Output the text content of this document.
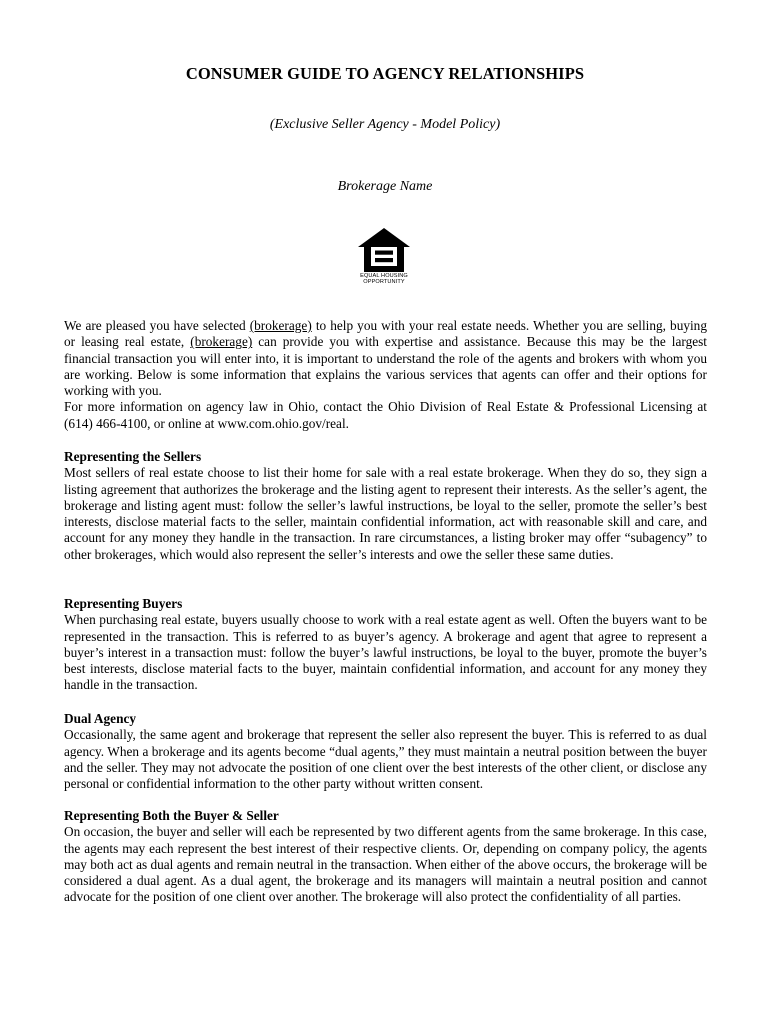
CONSUMER GUIDE TO AGENCY RELATIONSHIPS
(Exclusive Seller Agency - Model Policy)
Brokerage Name
EQUAL HOUSING
OPPORTUNITY

We are pleased you have selected (brokerage) to help you with your real estate needs. Whether you are selling, buying or leasing real estate, (brokerage) can provide you with expertise and assistance. Because this may be the largest financial transaction you will enter into, it is important to understand the role of the agents and brokers with whom you are working. Below is some information that explains the various services that agents can offer and their options for working with you.

For more information on agency law in Ohio, contact the Ohio Division of Real Estate & Professional Licensing at (614) 466-4100, or online at www.com.ohio.gov/real.

Representing the Sellers

Most sellers of real estate choose to list their home for sale with a real estate brokerage. When they do so, they sign a listing agreement that authorizes the brokerage and the listing agent to represent their interests. As the seller’s agent, the brokerage and listing agent must: follow the seller’s lawful instructions, be loyal to the seller, promote the seller’s best interests, disclose material facts to the seller, maintain confidential information, act with reasonable skill and care, and account for any money they handle in the transaction. In rare circumstances, a listing broker may offer “subagency” to other brokerages, which would also represent the seller’s interests and owe the seller these same duties.

Representing Buyers

When purchasing real estate, buyers usually choose to work with a real estate agent as well. Often the buyers want to be represented in the transaction. This is referred to as buyer’s agency. A brokerage and agent that agree to represent a buyer’s interest in a transaction must: follow the buyer’s lawful instructions, be loyal to the buyer, promote the buyer’s best interests, disclose material facts to the buyer, maintain confidential information, and account for any money they handle in the transaction.

Dual Agency

Occasionally, the same agent and brokerage that represent the seller also represent the buyer. This is referred to as dual agency. When a brokerage and its agents become “dual agents,” they must maintain a neutral position between the buyer and the seller. They may not advocate the position of one client over the best interests of the other client, or disclose any personal or confidential information to the other party without written consent.

Representing Both the Buyer & Seller

On occasion, the buyer and seller will each be represented by two different agents from the same brokerage. In this case, the agents may each represent the best interest of their respective clients. Or, depending on company policy, the agents may both act as dual agents and remain neutral in the transaction. When either of the above occurs, the brokerage will be considered a dual agent. As a dual agent, the brokerage and its managers will maintain a neutral position and cannot advocate for the position of one client over another. The brokerage will also protect the confidentiality of all parties.
